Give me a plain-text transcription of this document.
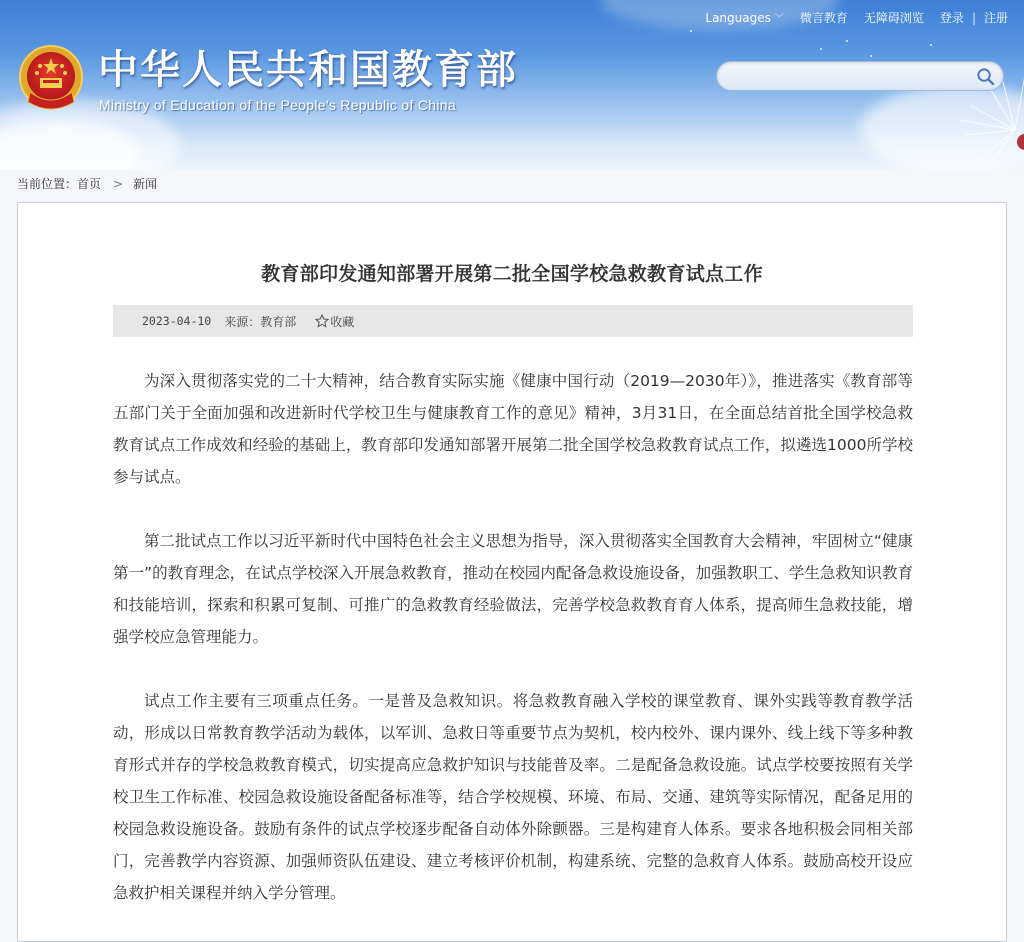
Languages ﹀ 微言教育 无障碍浏览 登录 | 注册
中华人民共和国教育部
Ministry of Education of the People's Republic of China
当前位置： 首页 > 新闻
教育部印发通知部署开展第二批全国学校急救教育试点工作
2023-04-10 来源：教育部	收藏

为深入贯彻落实党的二十大精神，结合教育实际实施《健康中国行动（2019—2030年）》，推进落实《教育部等五部门关于全面加强和改进新时代学校卫生与健康教育工作的意见》精神，3月31日，在全面总结首批全国学校急救教育试点工作成效和经验的基础上，教育部印发通知部署开展第二批全国学校急救教育试点工作，拟遴选1000所学校参与试点。

第二批试点工作以习近平新时代中国特色社会主义思想为指导，深入贯彻落实全国教育大会精神，牢固树立“健康第一”的教育理念，在试点学校深入开展急救教育，推动在校园内配备急救设施设备，加强教职工、学生急救知识教育和技能培训，探索和积累可复制、可推广的急救教育经验做法，完善学校急救教育育人体系，提高师生急救技能，增强学校应急管理能力。

试点工作主要有三项重点任务。一是普及急救知识。将急救教育融入学校的课堂教育、课外实践等教育教学活动，形成以日常教育教学活动为载体，以军训、急救日等重要节点为契机，校内校外、课内课外、线上线下等多种教育形式并存的学校急救教育模式，切实提高应急救护知识与技能普及率。二是配备急救设施。试点学校要按照有关学校卫生工作标准、校园急救设施设备配备标准等，结合学校规模、环境、布局、交通、建筑等实际情况，配备足用的校园急救设施设备。鼓励有条件的试点学校逐步配备自动体外除颤器。三是构建育人体系。要求各地积极会同相关部门，完善教学内容资源、加强师资队伍建设、建立考核评价机制，构建系统、完整的急救育人体系。鼓励高校开设应急救护相关课程并纳入学分管理。
